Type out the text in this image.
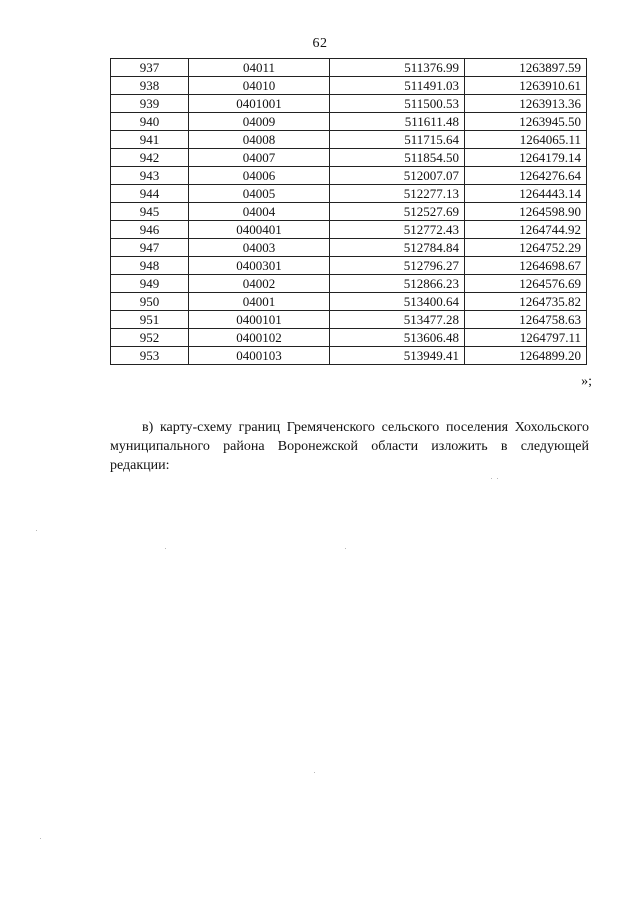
62
937	04011	511376.99	1263897.59
938	04010	511491.03	1263910.61
939	0401001	511500.53	1263913.36
940	04009	511611.48	1263945.50
941	04008	511715.64	1264065.11
942	04007	511854.50	1264179.14
943	04006	512007.07	1264276.64
944	04005	512277.13	1264443.14
945	04004	512527.69	1264598.90
946	0400401	512772.43	1264744.92
947	04003	512784.84	1264752.29
948	0400301	512796.27	1264698.67
949	04002	512866.23	1264576.69
950	04001	513400.64	1264735.82
951	0400101	513477.28	1264758.63
952	0400102	513606.48	1264797.11
953	0400103	513949.41	1264899.20
»;

в) карту-схему границ Гремяченского сельского поселения Хохольского муниципального района Воронежской области изложить в следующей редакции:
